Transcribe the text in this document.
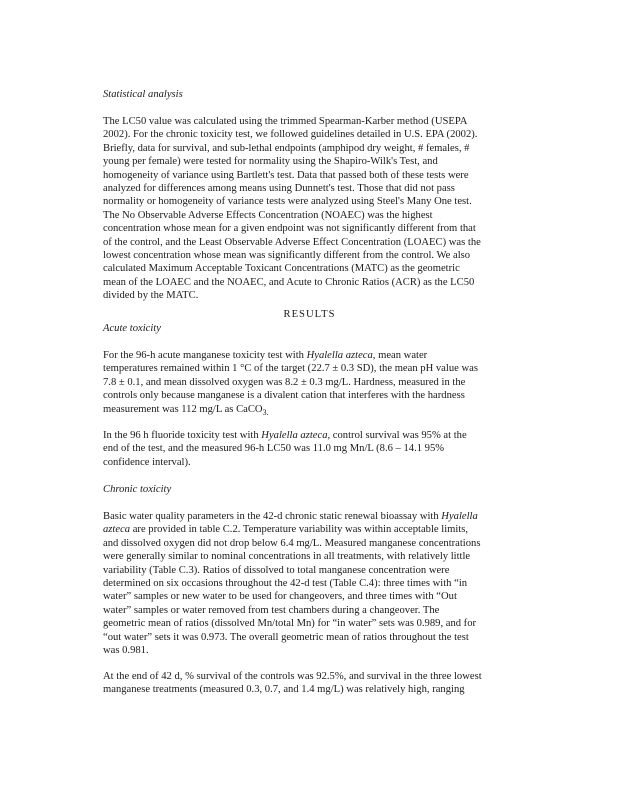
Statistical analysis
The LC50 value was calculated using the trimmed Spearman-Karber method (USEPA
2002). For the chronic toxicity test, we followed guidelines detailed in U.S. EPA (2002).
Briefly, data for survival, and sub-lethal endpoints (amphipod dry weight, # females, #
young per female) were tested for normality using the Shapiro-Wilk's Test, and
homogeneity of variance using Bartlett's test. Data that passed both of these tests were
analyzed for differences among means using Dunnett's test. Those that did not pass
normality or homogeneity of variance tests were analyzed using Steel's Many One test.
The No Observable Adverse Effects Concentration (NOAEC) was the highest
concentration whose mean for a given endpoint was not significantly different from that
of the control, and the Least Observable Adverse Effect Concentration (LOAEC) was the
lowest concentration whose mean was significantly different from the control. We also
calculated Maximum Acceptable Toxicant Concentrations (MATC) as the geometric
mean of the LOAEC and the NOAEC, and Acute to Chronic Ratios (ACR) as the LC50
divided by the MATC.
RESULTS
Acute toxicity
For the 96-h acute manganese toxicity test with Hyalella azteca, mean water
temperatures remained within 1 °C of the target (22.7 ± 0.3 SD), the mean pH value was
7.8 ± 0.1, and mean dissolved oxygen was 8.2 ± 0.3 mg/L. Hardness, measured in the
controls only because manganese is a divalent cation that interferes with the hardness
measurement was 112 mg/L as CaCO$_{3.}$
In the 96 h fluoride toxicity test with Hyalella azteca, control survival was 95% at the
end of the test, and the measured 96-h LC50 was 11.0 mg Mn/L (8.6 – 14.1 95%
confidence interval).
Chronic toxicity
Basic water quality parameters in the 42-d chronic static renewal bioassay with Hyalella
azteca are provided in table C.2. Temperature variability was within acceptable limits,
and dissolved oxygen did not drop below 6.4 mg/L. Measured manganese concentrations
were generally similar to nominal concentrations in all treatments, with relatively little
variability (Table C.3). Ratios of dissolved to total manganese concentration were
determined on six occasions throughout the 42-d test (Table C.4): three times with “in
water” samples or new water to be used for changeovers, and three times with “Out
water” samples or water removed from test chambers during a changeover. The
geometric mean of ratios (dissolved Mn/total Mn) for “in water” sets was 0.989, and for
“out water” sets it was 0.973. The overall geometric mean of ratios throughout the test
was 0.981.
At the end of 42 d, % survival of the controls was 92.5%, and survival in the three lowest
manganese treatments (measured 0.3, 0.7, and 1.4 mg/L) was relatively high, ranging
